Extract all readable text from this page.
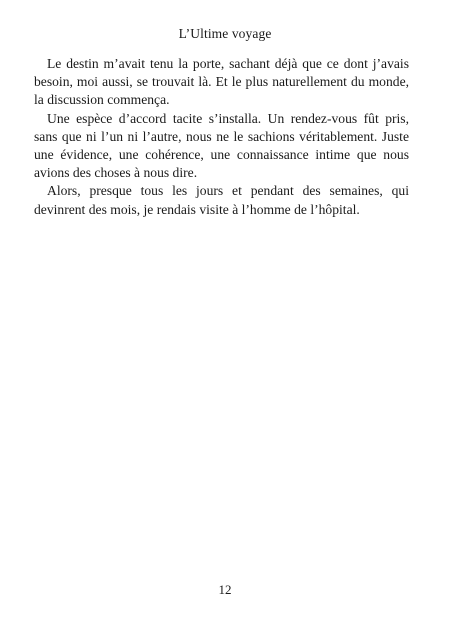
L’Ultime voyage

Le destin m’avait tenu la porte, sachant déjà que ce dont j’avais besoin, moi aussi, se trouvait là. Et le plus naturellement du monde, la discussion commença.

Une espèce d’accord tacite s’installa. Un rendez-vous fût pris, sans que ni l’un ni l’autre, nous ne le sachions véritablement. Juste une évidence, une cohérence, une connaissance intime que nous avions des choses à nous dire.

Alors, presque tous les jours et pendant des semaines, qui devinrent des mois, je rendais visite à l’homme de l’hôpital.

12
